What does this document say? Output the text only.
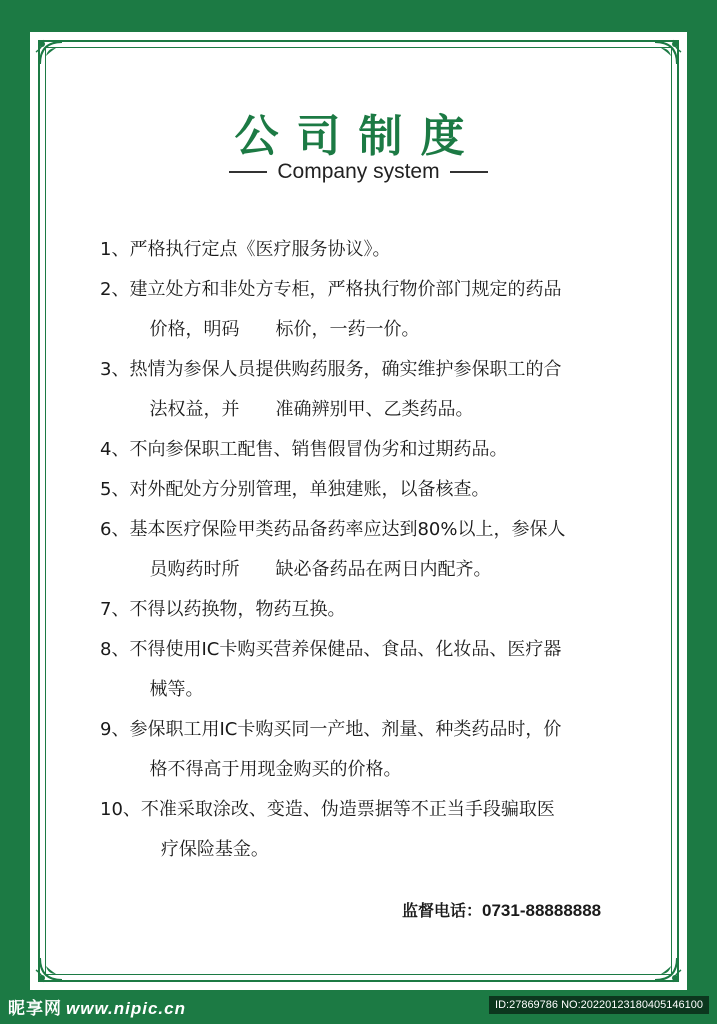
公司制度
Company system
1、 严格执行定点《医疗服务协议》。
2、 建立处方和非处方专柜，严格执行物价部门规定的药品
价格，明码　　标价，一药一价。
3、 热情为参保人员提供购药服务，确实维护参保职工的合
法权益，并　　准确辨别甲、乙类药品。
4、 不向参保职工配售、销售假冒伪劣和过期药品。
5、 对外配处方分别管理，单独建账，以备核查。
6、 基本医疗保险甲类药品备药率应达到80%以上，参保人
员购药时所　　缺必备药品在两日内配齐。
7、 不得以药换物，物药互换。
8、 不得使用IC卡购买营养保健品、食品、化妆品、医疗器
械等。
9、 参保职工用IC卡购买同一产地、剂量、种类药品时，价
格不得高于用现金购买的价格。
10、 不准采取涂改、变造、伪造票据等不正当手段骗取医
疗保险基金。
监督电话：0731-88888888
昵享网 www.nipic.cn	ID:27869786 NO:20220123180405146100
